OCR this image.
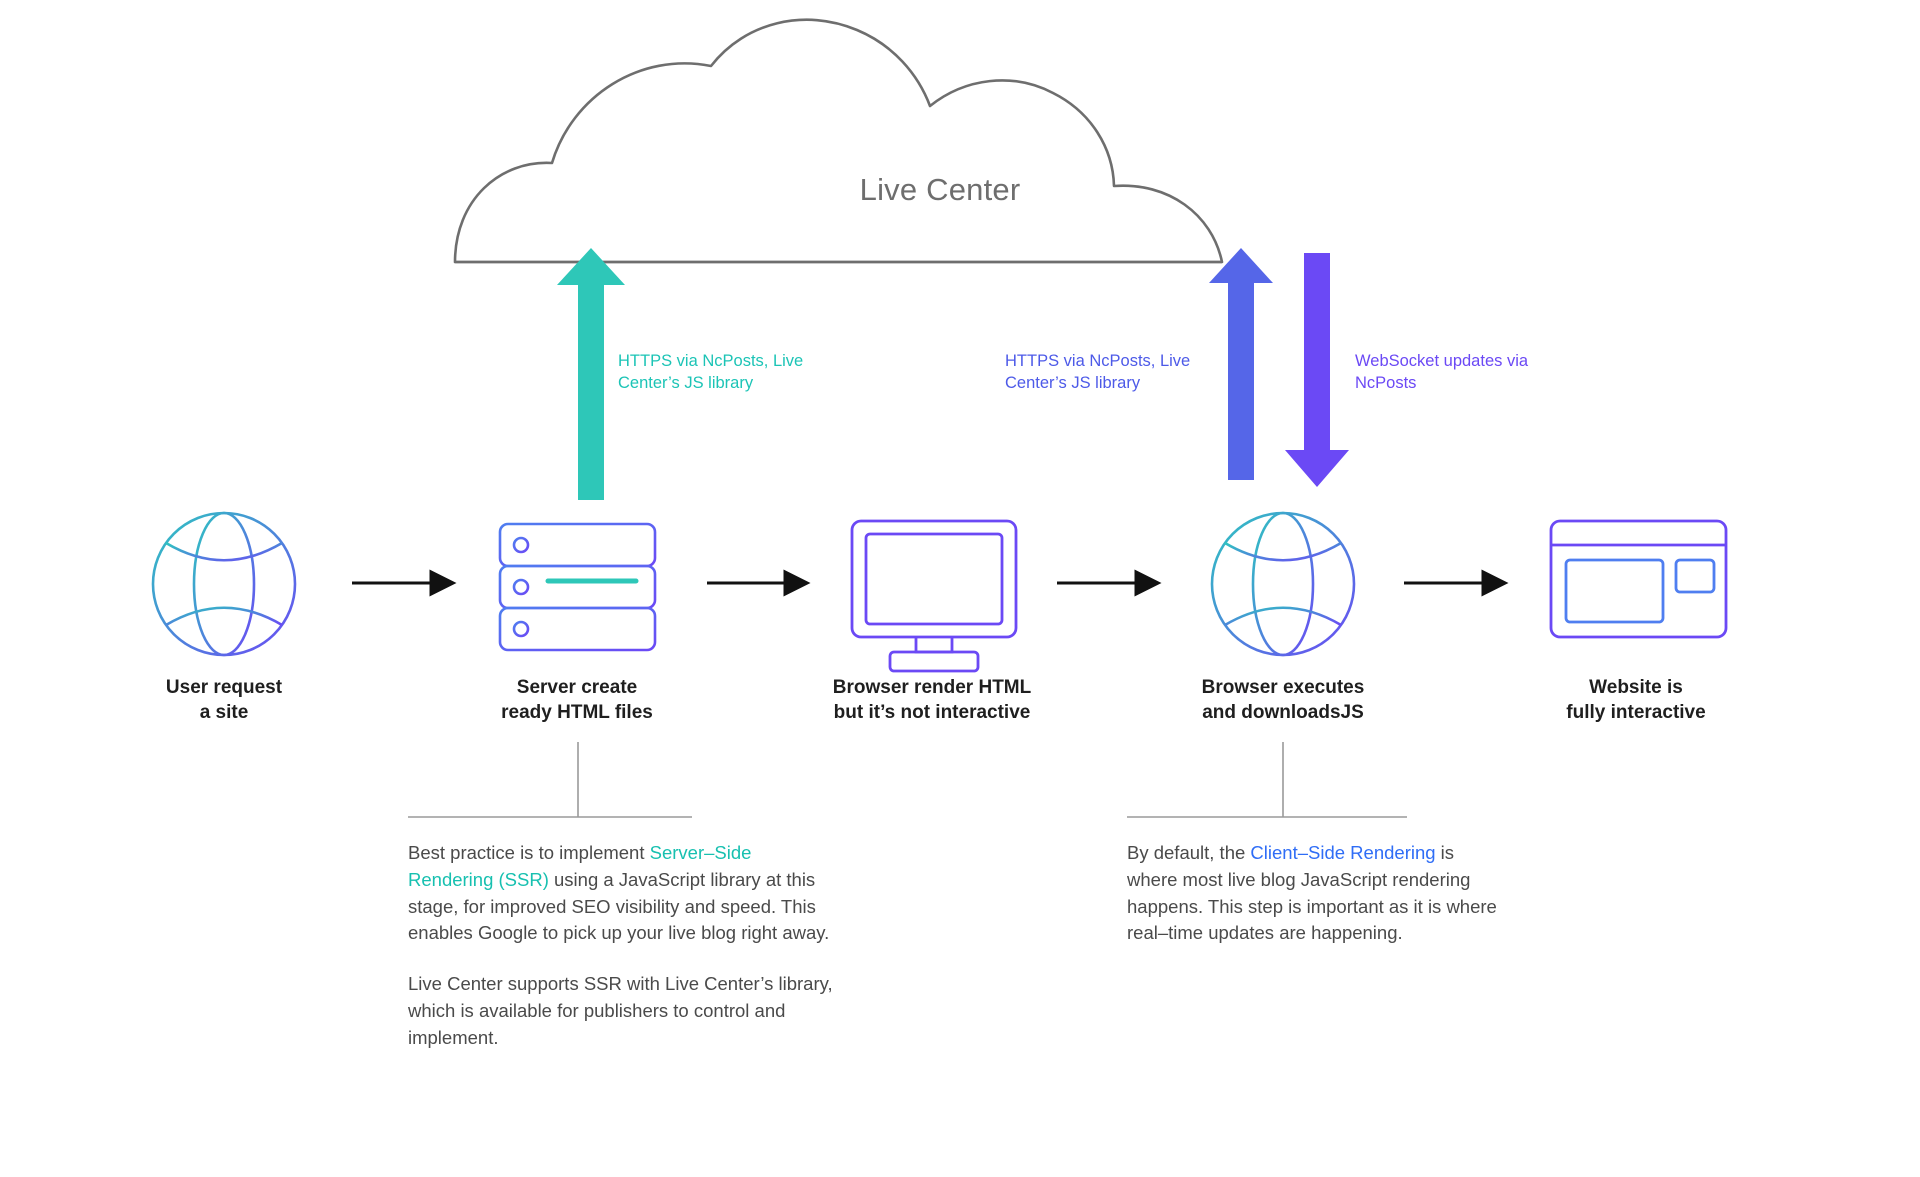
Live Center
HTTPS via NcPosts, Live Center’s JS library
HTTPS via NcPosts, Live Center’s JS library
WebSocket updates via NcPosts
User request
a site
Server create
ready HTML files
Browser render HTML
but it’s not interactive
Browser executes
and downloadsJS
Website is
fully interactive

Best practice is to implement Server–Side Rendering (SSR) using a JavaScript library at this stage, for improved SEO visibility and speed. This enables Google to pick up your live blog right away.

Live Center supports SSR with Live Center’s library, which is available for publishers to control and implement.

By default, the Client–Side Rendering is where most live blog JavaScript rendering happens. This step is important as it is where real–time updates are happening.
